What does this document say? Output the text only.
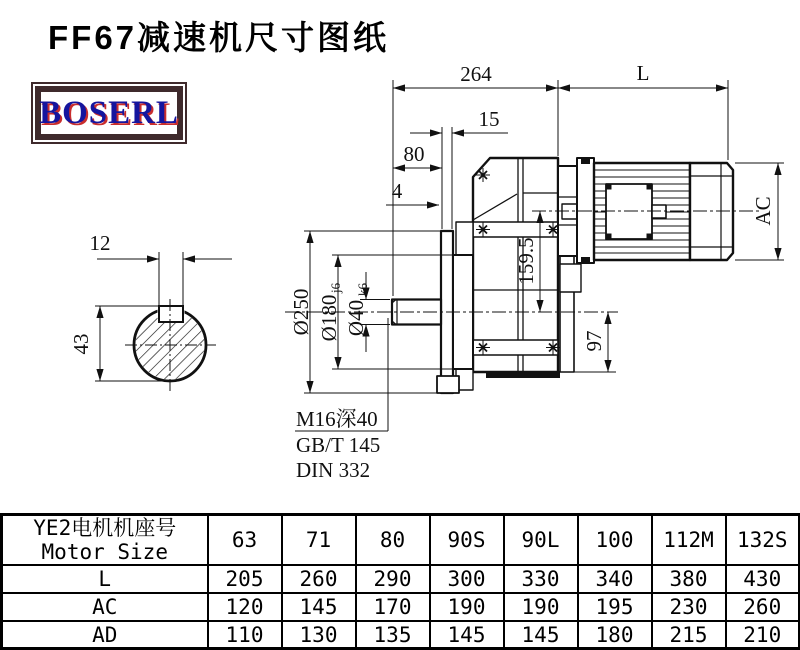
FF67减速机尺寸图纸
BOSERL
12
43
264	L
15
80
4
Ø250 Ø180
j6
Ø40
k6
159.5
97
AC
M16深40
GB/T 145
DIN 332
YE2电机机座号
Motor Size	63	71	80	90S	90L	100	112M	132S
L	205	260	290	300	330	340	380	430
AC	120	145	170	190	190	195	230	260
AD	110	130	135	145	145	180	215	210
